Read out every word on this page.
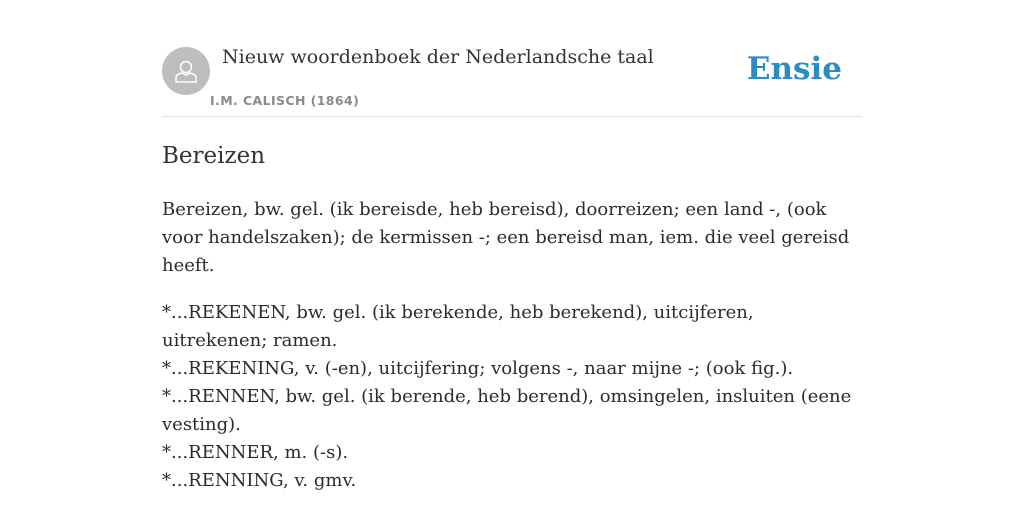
Nieuw woordenboek der Nederlandsche taal
I.M. CALISCH (1864)
Ensie
Bereizen

Bereizen, bw. gel. (ik bereisde, heb bereisd), doorreizen; een land -, (ook voor handelszaken); de kermissen -; een bereisd man, iem. die veel gereisd heeft.

*...REKENEN, bw. gel. (ik berekende, heb berekend), uitcijferen, uitrekenen; ramen.
*...REKENING, v. (-en), uitcijfering; volgens -, naar mijne -; (ook fig.).
*...RENNEN, bw. gel. (ik berende, heb berend), omsingelen, insluiten (eene vesting).
*...RENNER, m. (-s).
*...RENNING, v. gmv.
